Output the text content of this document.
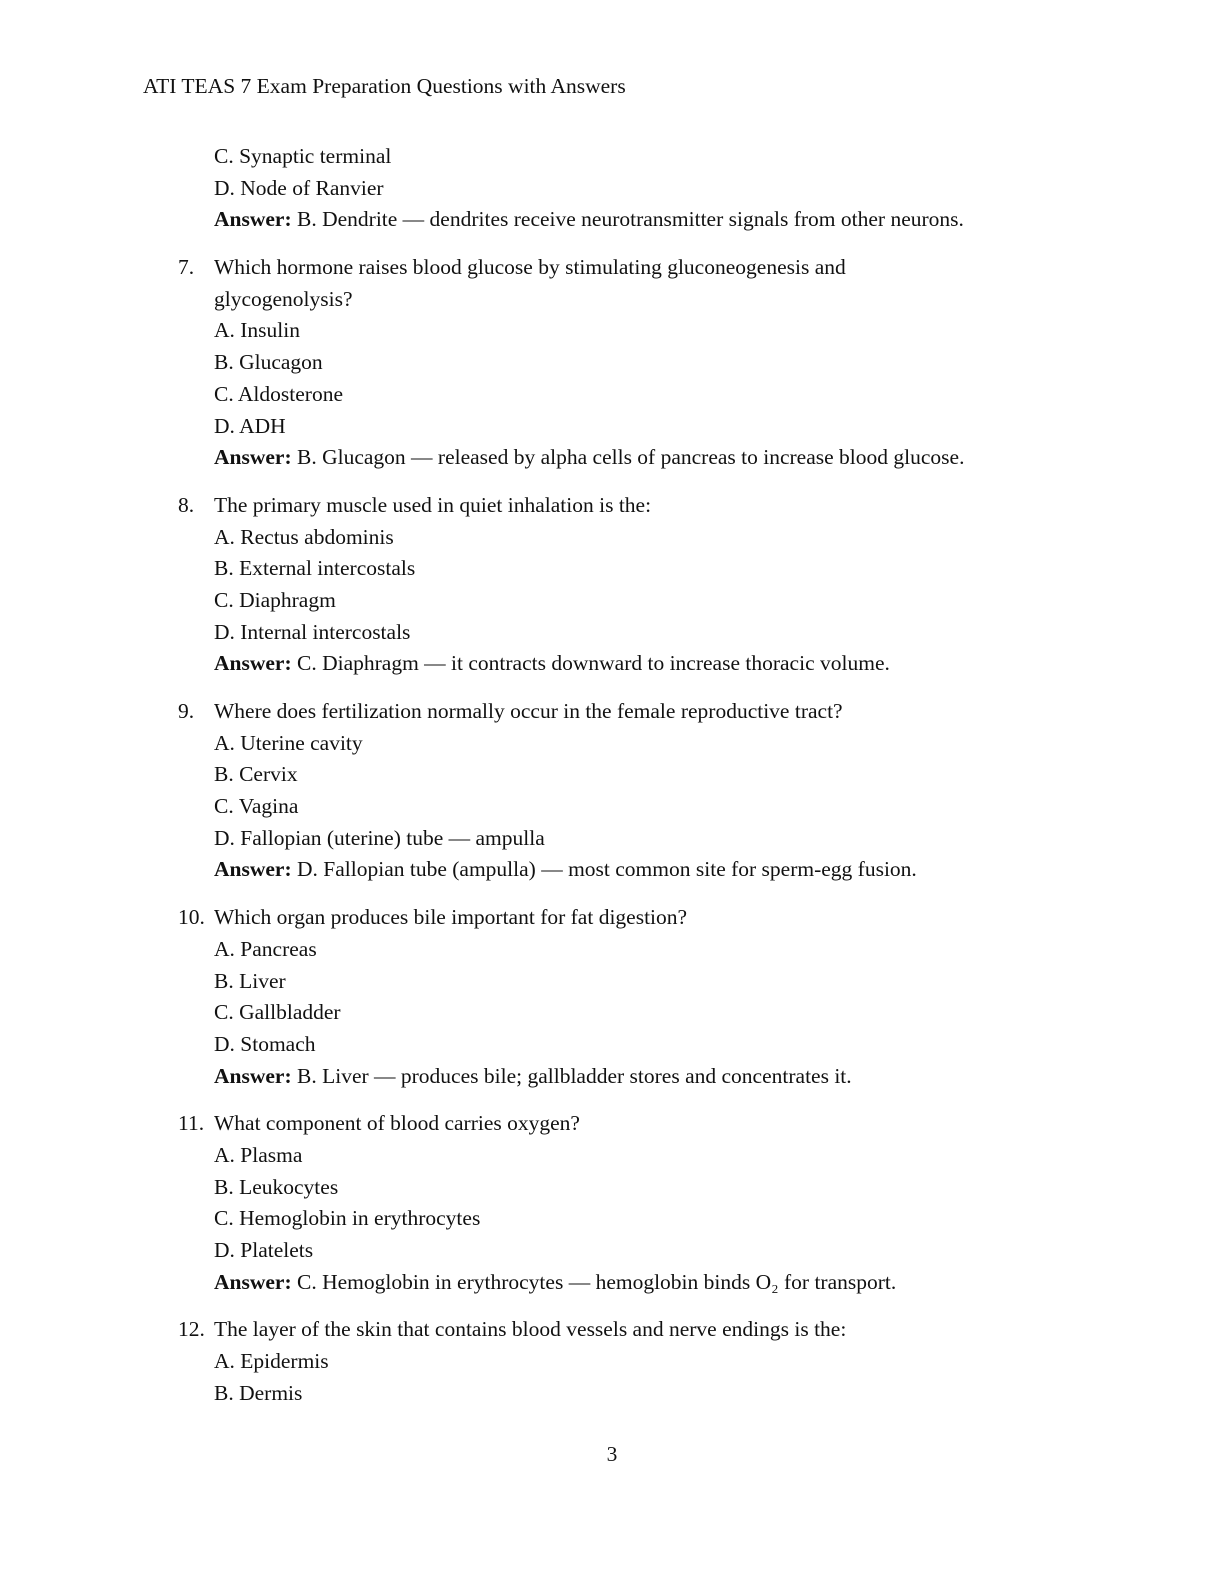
ATI TEAS 7 Exam Preparation Questions with Answers
C. Synaptic terminal
D. Node of Ranvier
Answer: B. Dendrite — dendrites receive neurotransmitter signals from other neurons.
7. Which hormone raises blood glucose by stimulating gluconeogenesis and
glycogenolysis?
A. Insulin
B. Glucagon
C. Aldosterone
D. ADH
Answer: B. Glucagon — released by alpha cells of pancreas to increase blood glucose.
8. The primary muscle used in quiet inhalation is the:
A. Rectus abdominis
B. External intercostals
C. Diaphragm
D. Internal intercostals
Answer: C. Diaphragm — it contracts downward to increase thoracic volume.
9. Where does fertilization normally occur in the female reproductive tract?
A. Uterine cavity
B. Cervix
C. Vagina
D. Fallopian (uterine) tube — ampulla
Answer: D. Fallopian tube (ampulla) — most common site for sperm-egg fusion.
10. Which organ produces bile important for fat digestion?
A. Pancreas
B. Liver
C. Gallbladder
D. Stomach
Answer: B. Liver — produces bile; gallbladder stores and concentrates it.
11. What component of blood carries oxygen?
A. Plasma
B. Leukocytes
C. Hemoglobin in erythrocytes
D. Platelets
Answer: C. Hemoglobin in erythrocytes — hemoglobin binds O₂ for transport.
12. The layer of the skin that contains blood vessels and nerve endings is the:
A. Epidermis
B. Dermis
3
